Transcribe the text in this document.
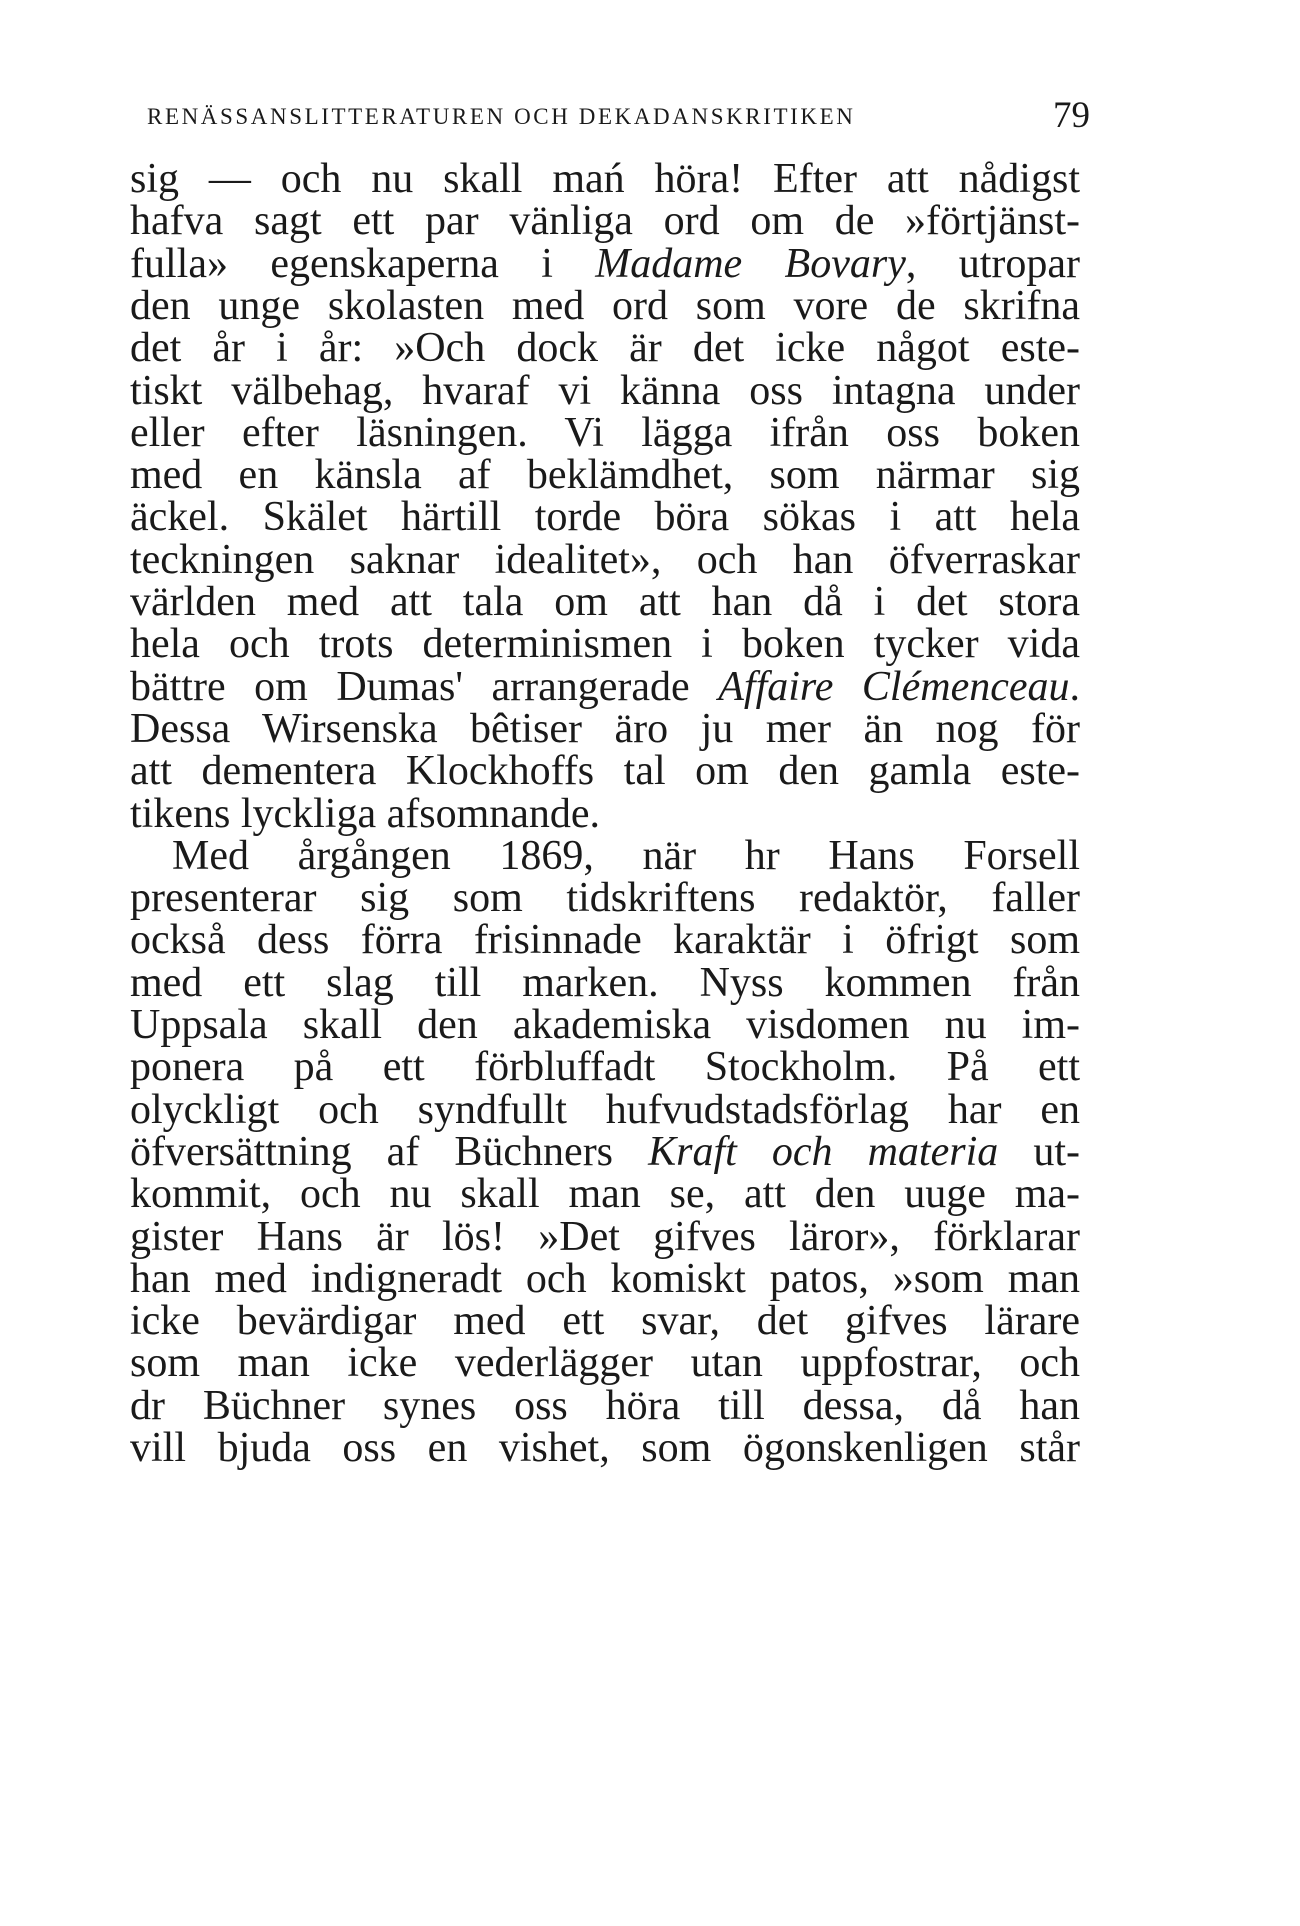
RENÄSSANSLITTERATUREN OCH DEKADANSKRITIKEN	79
sig — och nu skall mań höra! Efter att nådigst
hafva sagt ett par vänliga ord om de »förtjänst-
fulla» egenskaperna i Madame Bovary, utropar
den unge skolasten med ord som vore de skrifna
det år i år: »Och dock är det icke något este-
tiskt välbehag, hvaraf vi känna oss intagna under
eller efter läsningen. Vi lägga ifrån oss boken
med en känsla af beklämdhet, som närmar sig
äckel. Skälet härtill torde böra sökas i att hela
teckningen saknar idealitet», och han öfverraskar
världen med att tala om att han då i det stora
hela och trots determinismen i boken tycker vida
bättre om Dumas' arrangerade Affaire Clémenceau.
Dessa Wirsenska bêtiser äro ju mer än nog för
att dementera Klockhoffs tal om den gamla este-
tikens lyckliga afsomnande.
Med årgången 1869, när hr Hans Forsell
presenterar sig som tidskriftens redaktör, faller
också dess förra frisinnade karaktär i öfrigt som
med ett slag till marken. Nyss kommen från
Uppsala skall den akademiska visdomen nu im-
ponera på ett förbluffadt Stockholm. På ett
olyckligt och syndfullt hufvudstadsförlag har en
öfversättning af Büchners Kraft och materia ut-
kommit, och nu skall man se, att den uuge ma-
gister Hans är lös! »Det gifves läror», förklarar
han med indigneradt och komiskt patos, »som man
icke bevärdigar med ett svar, det gifves lärare
som man icke vederlägger utan uppfostrar, och
dr Büchner synes oss höra till dessa, då han
vill bjuda oss en vishet, som ögonskenligen står
